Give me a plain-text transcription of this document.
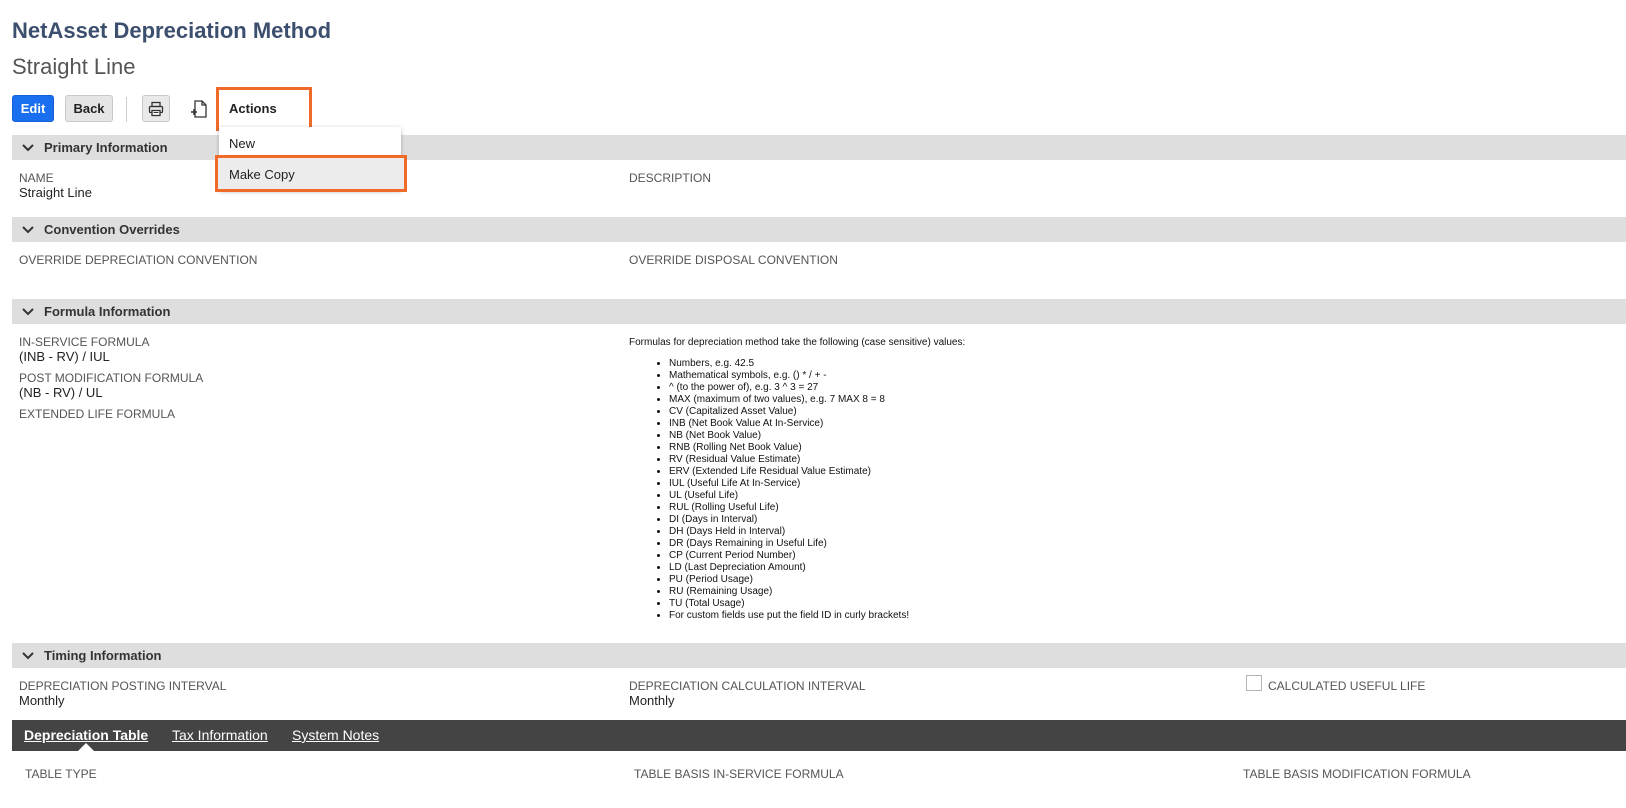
NetAsset Depreciation Method
Straight Line
Edit	Back	Actions
Primary Information
NAME
Straight Line
DESCRIPTION
New
Make Copy
Convention Overrides
OVERRIDE DEPRECIATION CONVENTION	OVERRIDE DISPOSAL CONVENTION
Formula Information
IN-SERVICE FORMULA
(INB - RV) / IUL
POST MODIFICATION FORMULA
(NB - RV) / UL
EXTENDED LIFE FORMULA
Formulas for depreciation method take the following (case sensitive) values:
• Numbers, e.g. 42.5
• Mathematical symbols, e.g. () * / + -
• ^ (to the power of), e.g. 3 ^ 3 = 27
• MAX (maximum of two values), e.g. 7 MAX 8 = 8
• CV (Capitalized Asset Value)
• INB (Net Book Value At In-Service)
• NB (Net Book Value)
• RNB (Rolling Net Book Value)
• RV (Residual Value Estimate)
• ERV (Extended Life Residual Value Estimate)
• IUL (Useful Life At In-Service)
• UL (Useful Life)
• RUL (Rolling Useful Life)
• DI (Days in Interval)
• DH (Days Held in Interval)
• DR (Days Remaining in Useful Life)
• CP (Current Period Number)
• LD (Last Depreciation Amount)
• PU (Period Usage)
• RU (Remaining Usage)
• TU (Total Usage)
• For custom fields use put the field ID in curly brackets!
Timing Information
DEPRECIATION POSTING INTERVAL
Monthly
DEPRECIATION CALCULATION INTERVAL
Monthly
CALCULATED USEFUL LIFE
Depreciation Table Tax Information System Notes
TABLE TYPE	TABLE BASIS IN-SERVICE FORMULA	TABLE BASIS MODIFICATION FORMULA
